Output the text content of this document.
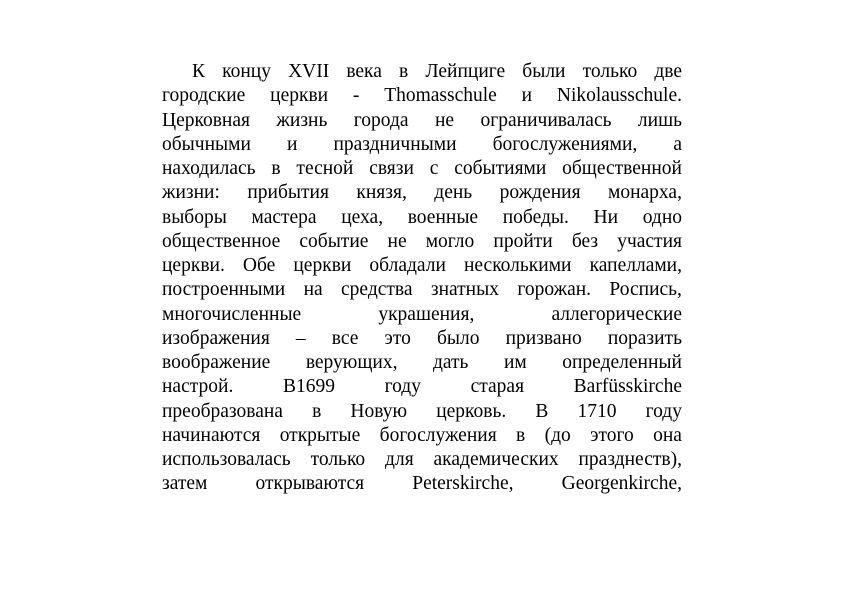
К концу XVII века в Лейпциге были только две
городские церкви - Thomasschule и Nikolausschule.
Церковная жизнь города не ограничивалась лишь
обычными и праздничными богослужениями, а
находилась в тесной связи с событиями общественной
жизни: прибытия князя, день рождения монарха,
выборы мастера цеха, военные победы. Ни одно
общественное событие не могло пройти без участия
церкви. Обе церкви обладали несколькими капеллами,
построенными на средства знатных горожан. Роспись,
многочисленные	украшения,	аллегорические
изображения – все это было призвано поразить
воображение верующих, дать им определенный
настрой.	В1699	году	старая	Barfüsskirche
преобразована в Новую церковь. В 1710 году
начинаются открытые богослужения в (до этого она
использовалась только для академических празднеств),
затем открываются Peterskirche, Georgenkirche,
